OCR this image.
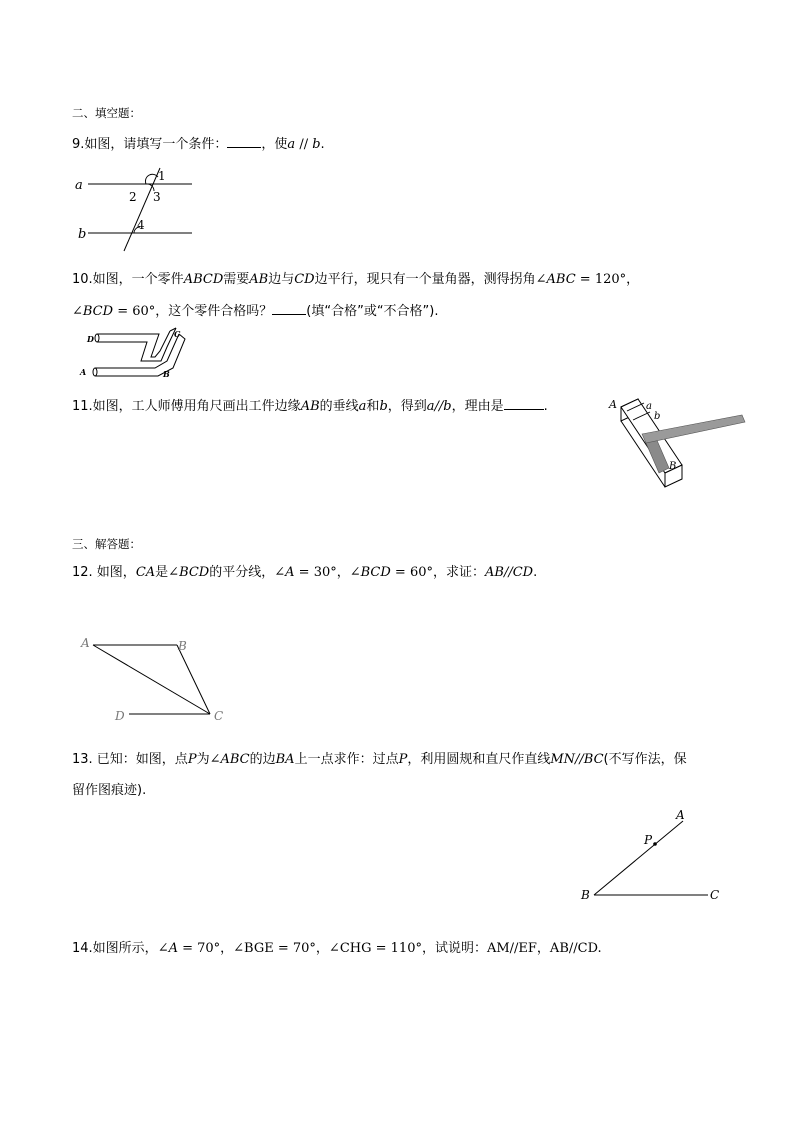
二、填空题：
9.如图，请填写一个条件：	，使a // b.
a
b
1
2 3
4
10.如图，一个零件ABCD需要AB边与CD边平行，现只有一个量角器，测得拐角∠ABC = 120°，
∠BCD = 60°，这个零件合格吗？	(填“合格”或“不合格”).
D	C
A	B
11.如图，工人师傅用角尺画出工件边缘AB的垂线a和b，得到a//b，理由是	.	A	a
b
B
三、解答题：
12. 如图，CA是∠BCD的平分线，∠A = 30°，∠BCD = 60°，求证：AB//CD.
A	B
D	C
13. 已知：如图，点P为∠ABC的边BA上一点求作：过点P，利用圆规和直尺作直线MN//BC(不写作法，保
留作图痕迹).
A
P
B	C
14.如图所示，∠A = 70°，∠BGE = 70°，∠CHG = 110°，试说明：AM//EF，AB//CD.
